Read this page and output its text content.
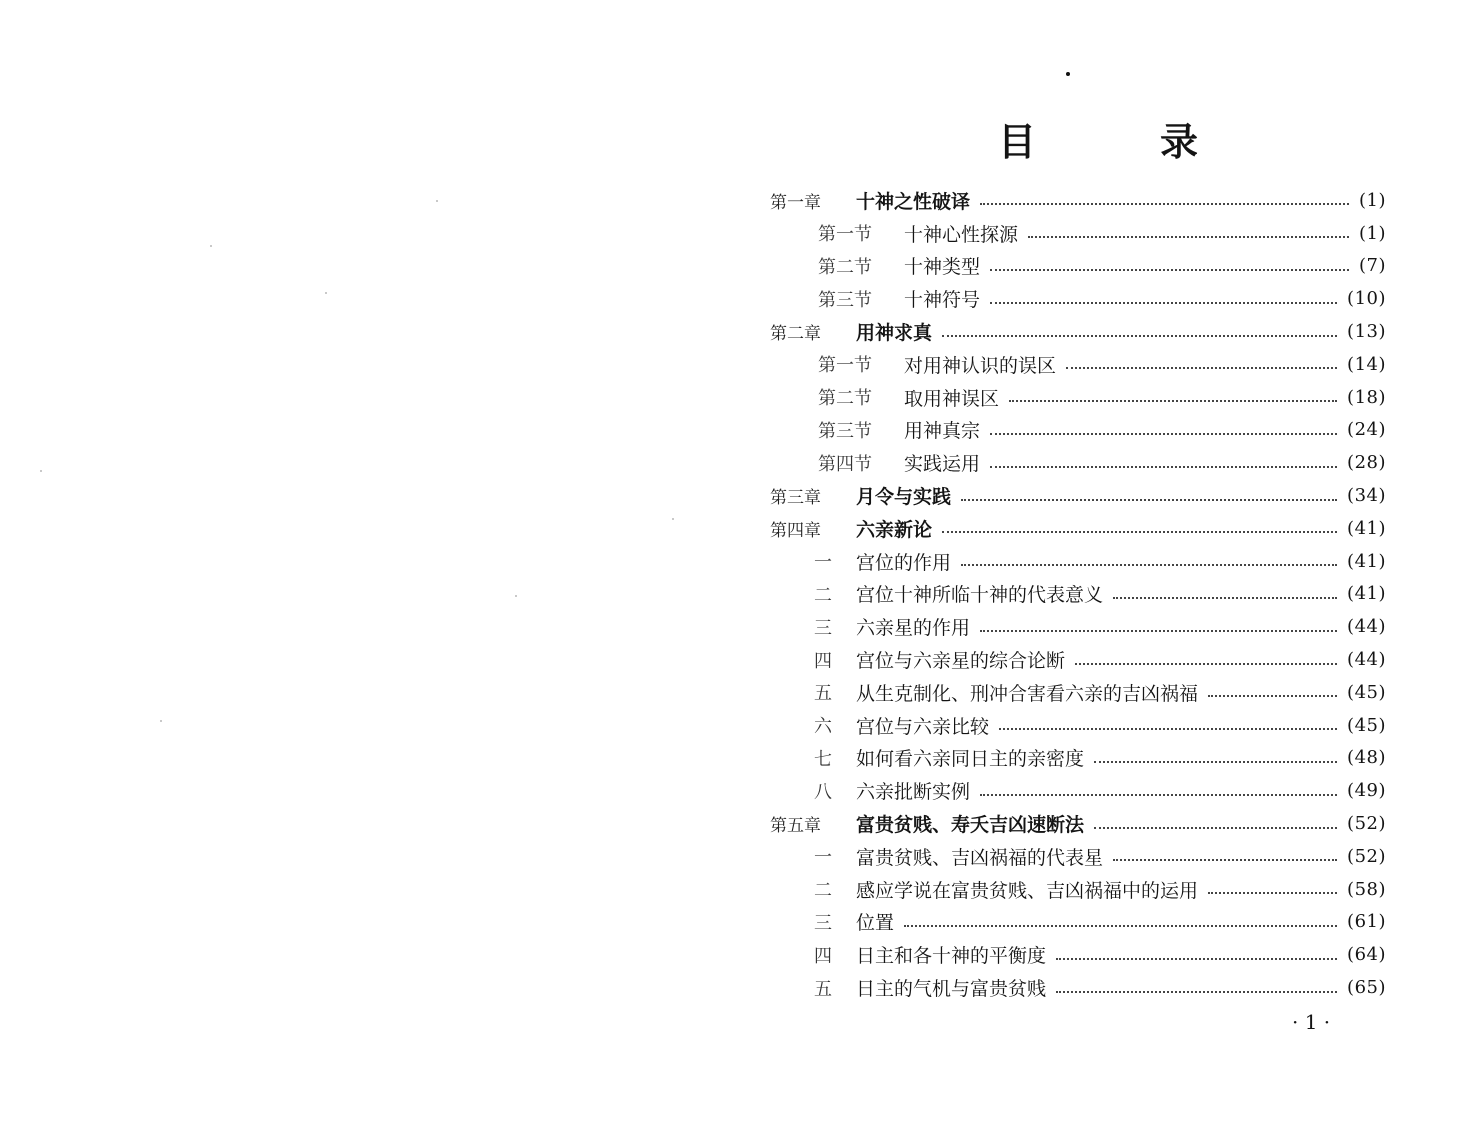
目	录
第一章	十神之性破译	(1)
第一节	十神心性探源	(1)
第二节	十神类型	(7)
第三节	十神符号	(10)
第二章	用神求真	(13)
第一节	对用神认识的误区	(14)
第二节	取用神误区	(18)
第三节	用神真宗	(24)
第四节	实践运用	(28)
第三章	月令与实践	(34)
第四章	六亲新论	(41)
一	宫位的作用	(41)
二	宫位十神所临十神的代表意义	(41)
三	六亲星的作用	(44)
四	宫位与六亲星的综合论断	(44)
五	从生克制化、刑冲合害看六亲的吉凶祸福	(45)
六	宫位与六亲比较	(45)
七	如何看六亲同日主的亲密度	(48)
八	六亲批断实例	(49)
第五章	富贵贫贱、寿夭吉凶速断法	(52)
一	富贵贫贱、吉凶祸福的代表星	(52)
二	感应学说在富贵贫贱、吉凶祸福中的运用	(58)
三	位置	(61)
四	日主和各十神的平衡度	(64)
五	日主的气机与富贵贫贱	(65)
· 1 ·
